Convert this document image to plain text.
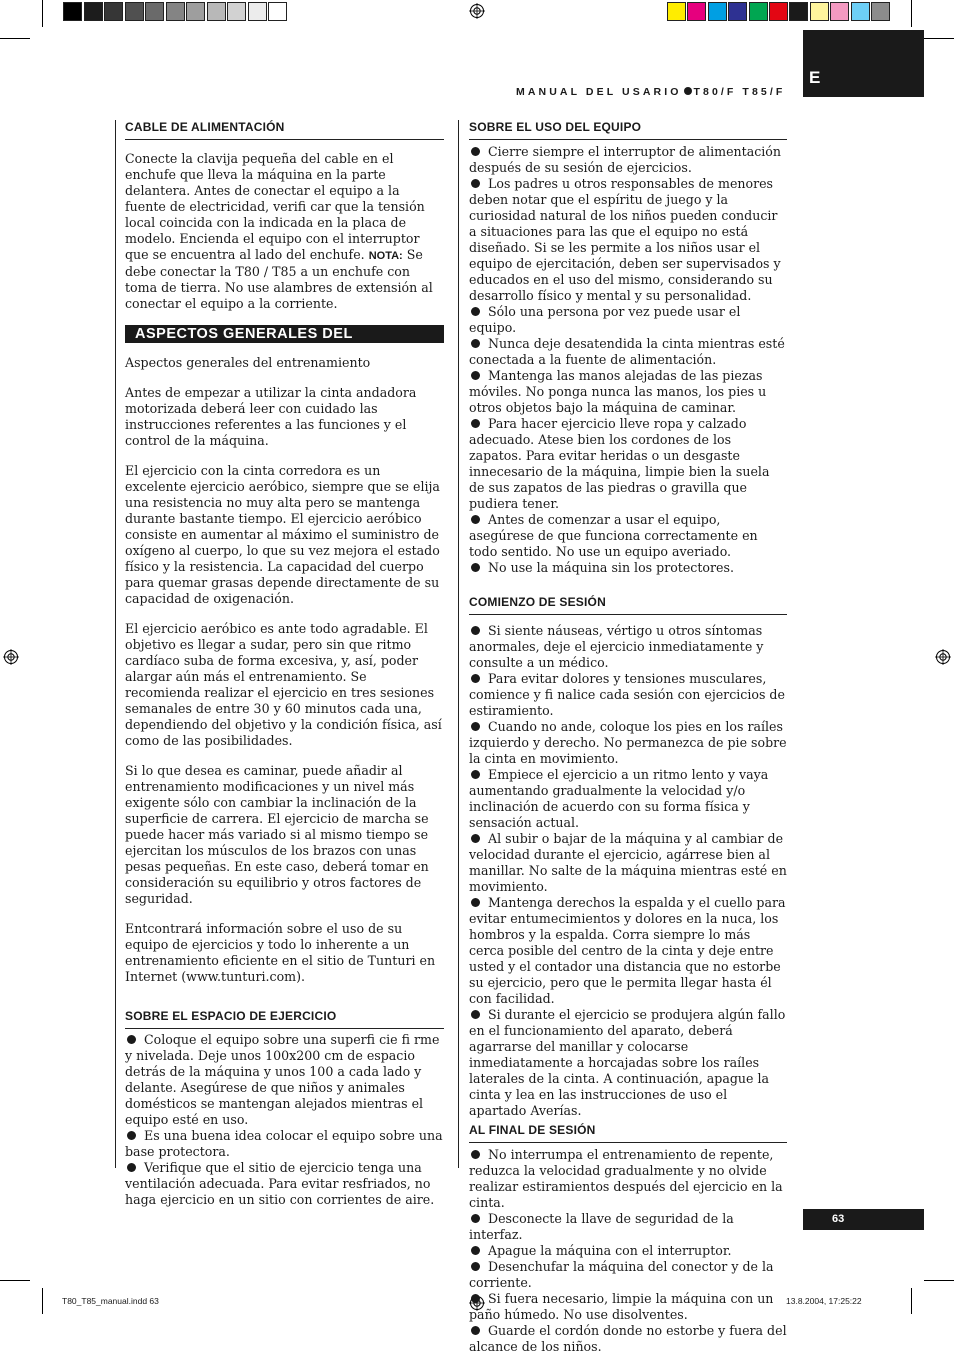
E
MANUAL DEL USARIO T80/F T85/F
CABLE DE ALIMENTACIÓN

Conecte la clavija pequeña del cable en el enchufe que lleva la máquina en la parte delantera. Antes de conectar el equipo a la fuente de electricidad, verifi car que la tensión local coincida con la indicada en la placa de modelo. Encienda el equipo con el interruptor que se encuentra al lado del enchufe. NOTA: Se debe conectar la T80 / T85 a un enchufe con toma de tierra. No use alambres de extensión al conectar el equipo a la corriente.

ASPECTOS GENERALES DEL

Aspectos generales del entrenamiento

Antes de empezar a utilizar la cinta andadora motorizada deberá leer con cuidado las instrucciones referentes a las funciones y el control de la máquina.

El ejercicio con la cinta corredora es un excelente ejercicio aeróbico, siempre que se elija una resistencia no muy alta pero se mantenga durante bastante tiempo. El ejercicio aeróbico consiste en aumentar al máximo el suministro de oxígeno al cuerpo, lo que su vez mejora el estado físico y la resistencia. La capacidad del cuerpo para quemar grasas depende directamente de su capacidad de oxigenación.

El ejercicio aeróbico es ante todo agradable. El objetivo es llegar a sudar, pero sin que ritmo cardíaco suba de forma excesiva, y, así, poder alargar aún más el entrenamiento. Se recomienda realizar el ejercicio en tres sesiones semanales de entre 30 y 60 minutos cada una, dependiendo del objetivo y la condición física, así como de las posibilidades.

Si lo que desea es caminar, puede añadir al entrenamiento modificaciones y un nivel más exigente sólo con cambiar la inclinación de la superficie de carrera. El ejercicio de marcha se puede hacer más variado si al mismo tiempo se ejercitan los músculos de los brazos con unas pesas pequeñas. En este caso, deberá tomar en consideración su equilibrio y otros factores de seguridad.

Entcontrará información sobre el uso de su equipo de ejercicios y todo lo inherente a un entrenamiento eficiente en el sitio de Tunturi en Internet (www.tunturi.com).

SOBRE EL ESPACIO DE EJERCICIO

Coloque el equipo sobre una superfi cie fi rme y nivelada. Deje unos 100x200 cm de espacio detrás de la máquina y unos 100 a cada lado y delante. Asegúrese de que niños y animales domésticos se mantengan alejados mientras el equipo esté en uso.

Es una buena idea colocar el equipo sobre una base protectora.

Verifique que el sitio de ejercicio tenga una ventilación adecuada. Para evitar resfriados, no haga ejercicio en un sitio con corrientes de aire.

SOBRE EL USO DEL EQUIPO

Cierre siempre el interruptor de alimentación después de su sesión de ejercicios.

Los padres u otros responsables de menores deben notar que el espíritu de juego y la curiosidad natural de los niños pueden conducir a situaciones para las que el equipo no está diseñado. Si se les permite a los niños usar el equipo de ejercitación, deben ser supervisados y educados en el uso del mismo, considerando su desarrollo físico y mental y su personalidad.

Sólo una persona por vez puede usar el equipo.

Nunca deje desatendida la cinta mientras esté conectada a la fuente de alimentación.

Mantenga las manos alejadas de las piezas móviles. No ponga nunca las manos, los pies u otros objetos bajo la máquina de caminar.

Para hacer ejercicio lleve ropa y calzado adecuado. Atese bien los cordones de los zapatos. Para evitar heridas o un desgaste innecesario de la máquina, limpie bien la suela de sus zapatos de las piedras o gravilla que pudiera tener.

Antes de comenzar a usar el equipo, asegúrese de que funciona correctamente en todo sentido. No use un equipo averiado.

No use la máquina sin los protectores.

COMIENZO DE SESIÓN

Si siente náuseas, vértigo u otros síntomas anormales, deje el ejercicio inmediatamente y consulte a un médico.

Para evitar dolores y tensiones musculares, comience y fi nalice cada sesión con ejercicios de estiramiento.

Cuando no ande, coloque los pies en los raíles izquierdo y derecho. No permanezca de pie sobre la cinta en movimiento.

Empiece el ejercicio a un ritmo lento y vaya aumentando gradualmente la velocidad y/o inclinación de acuerdo con su forma física y sensación actual.

Al subir o bajar de la máquina y al cambiar de velocidad durante el ejercicio, agárrese bien al manillar. No salte de la máquina mientras esté en movimiento.

Mantenga derechos la espalda y el cuello para evitar entumecimientos y dolores en la nuca, los hombros y la espalda. Corra siempre lo más cerca posible del centro de la cinta y deje entre usted y el contador una distancia que no estorbe su ejercicio, pero que le permita llegar hasta él con facilidad.

Si durante el ejercicio se produjera algún fallo en el funcionamiento del aparato, deberá agarrarse del manillar y colocarse inmediatamente a horcajadas sobre los raíles laterales de la cinta. A continuación, apague la cinta y lea en las instrucciones de uso el apartado Averías.

AL FINAL DE SESIÓN

No interrumpa el entrenamiento de repente, reduzca la velocidad gradualmente y no olvide realizar estiramientos después del ejercicio en la cinta.

Desconecte la llave de seguridad de la interfaz.

Apague la máquina con el interruptor.

Desenchufar la máquina del conector y de la corriente.

Si fuera necesario, limpie la máquina con un paño húmedo. No use disolventes.

Guarde el cordón donde no estorbe y fuera del alcance de los niños.

63
T80_T85_manual.indd 63	13.8.2004, 17:25:22
